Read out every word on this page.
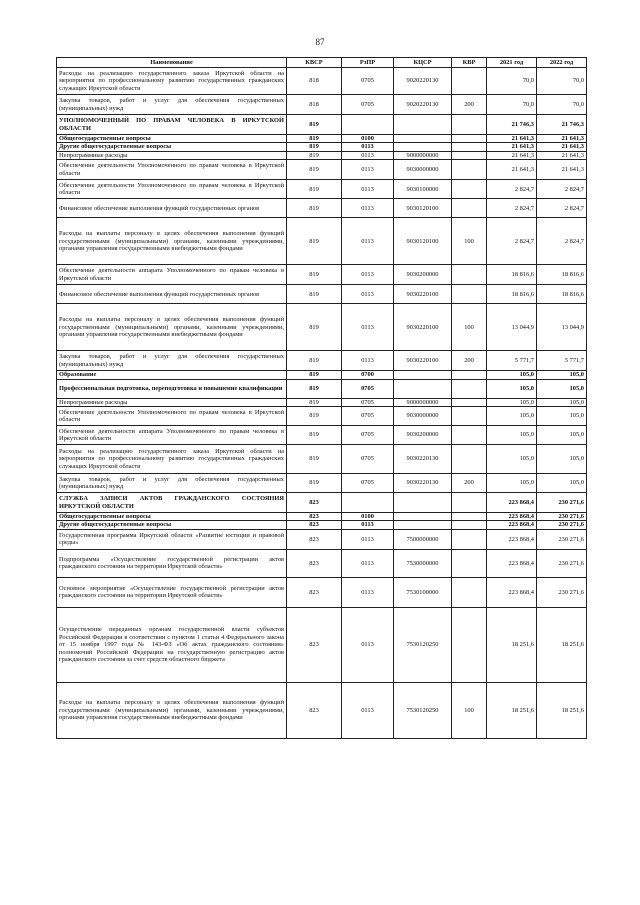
87
Наименование	КВСР	РзПР	КЦСР	КВР	2021 год	2022 год
Расходы на реализацию государственного заказа Иркутской области на мероприятия по профессиональному развитию государственных гражданских служащих Иркутской области	818	0705	9020220130		70,0	70,0
Закупка товаров, работ и услуг для обеспечения государственных (муниципальных) нужд	818	0705	9020220130	200	70,0	70,0
УПОЛНОМОЧЕННЫЙ ПО ПРАВАМ ЧЕЛОВЕКА В ИРКУТСКОЙ ОБЛАСТИ	819				21 746,3	21 746,3
Общегосударственные вопросы	819	0100			21 641,3	21 641,3
Другие общегосударственные вопросы	819	0113			21 641,3	21 641,3
Непрограммные расходы	819	0113	9000000000		21 641,3	21 641,3
Обеспечение деятельности Уполномоченного по правам человека в Иркутской области	819	0113	9030000000		21 641,3	21 641,3
Обеспечение деятельности Уполномоченного по правам человека в Иркутской области	819	0113	9030100000		2 824,7	2 824,7
Финансовое обеспечение выполнения функций государственных органов	819	0113	9030120100		2 824,7	2 824,7
Расходы на выплаты персоналу в целях обеспечения выполнения функций государственными (муниципальными) органами, казенными учреждениями, органами управления государственными внебюджетными фондами	819	0113	9030120100	100	2 824,7	2 824,7
Обеспечение деятельности аппарата Уполномоченного по правам человека в Иркутской области	819	0113	9030200000		18 816,6	18 816,6
Финансовое обеспечение выполнения функций государственных органов	819	0113	9030220100		18 816,6	18 816,6
Расходы на выплаты персоналу в целях обеспечения выполнения функций государственными (муниципальными) органами, казенными учреждениями, органами управления государственными внебюджетными фондами	819	0113	9030220100	100	13 044,9	13 044,9
Закупка товаров, работ и услуг для обеспечения государственных (муниципальных) нужд	819	0113	9030220100	200	5 771,7	5 771,7
Образование	819	0700			105,0	105,0
Профессиональная подготовка, переподготовка и повышение квалификации	819	0705			105,0	105,0
Непрограммные расходы	819	0705	9000000000		105,0	105,0
Обеспечение деятельности Уполномоченного по правам человека в Иркутской области	819	0705	9030000000		105,0	105,0
Обеспечение деятельности аппарата Уполномоченного по правам человека в Иркутской области	819	0705	9030200000		105,0	105,0
Расходы на реализацию государственного заказа Иркутской области на мероприятия по профессиональному развитию государственных гражданских служащих Иркутской области	819	0705	9030220130		105,0	105,0
Закупка товаров, работ и услуг для обеспечения государственных (муниципальных) нужд	819	0705	9030220130	200	105,0	105,0
СЛУЖБА ЗАПИСИ АКТОВ ГРАЖДАНСКОГО СОСТОЯНИЯ ИРКУТСКОЙ ОБЛАСТИ	823				223 868,4	230 271,6
Общегосударственные вопросы	823	0100			223 868,4	230 271,6
Другие общегосударственные вопросы	823	0113			223 868,4	230 271,6
Государственная программа Иркутской области «Развитие юстиции и правовой среды»	823	0113	7500000000		223 868,4	230 271,6
Подпрограмма «Осуществление государственной регистрации актов гражданского состояния на территории Иркутской области»	823	0113	7530000000		223 868,4	230 271,6
Основное мероприятие «Осуществление государственной регистрации актов гражданского состояния на территории Иркутской области»	823	0113	7530100000		223 868,4	230 271,6
Осуществление переданных органам государственной власти субъектов Российской Федерации в соответствии с пунктом 1 статьи 4 Федерального закона от 15 ноября 1997 года № 143-ФЗ «Об актах гражданского состояния» полномочий Российской Федерации на государственную регистрацию актов гражданского состояния за счет средств областного бюджета	823	0113	7530120250		18 251,6	18 251,6
Расходы на выплаты персоналу в целях обеспечения выполнения функций государственными (муниципальными) органами, казенными учреждениями, органами управления государственными внебюджетными фондами	823	0113	7530120250	100	18 251,6	18 251,6
